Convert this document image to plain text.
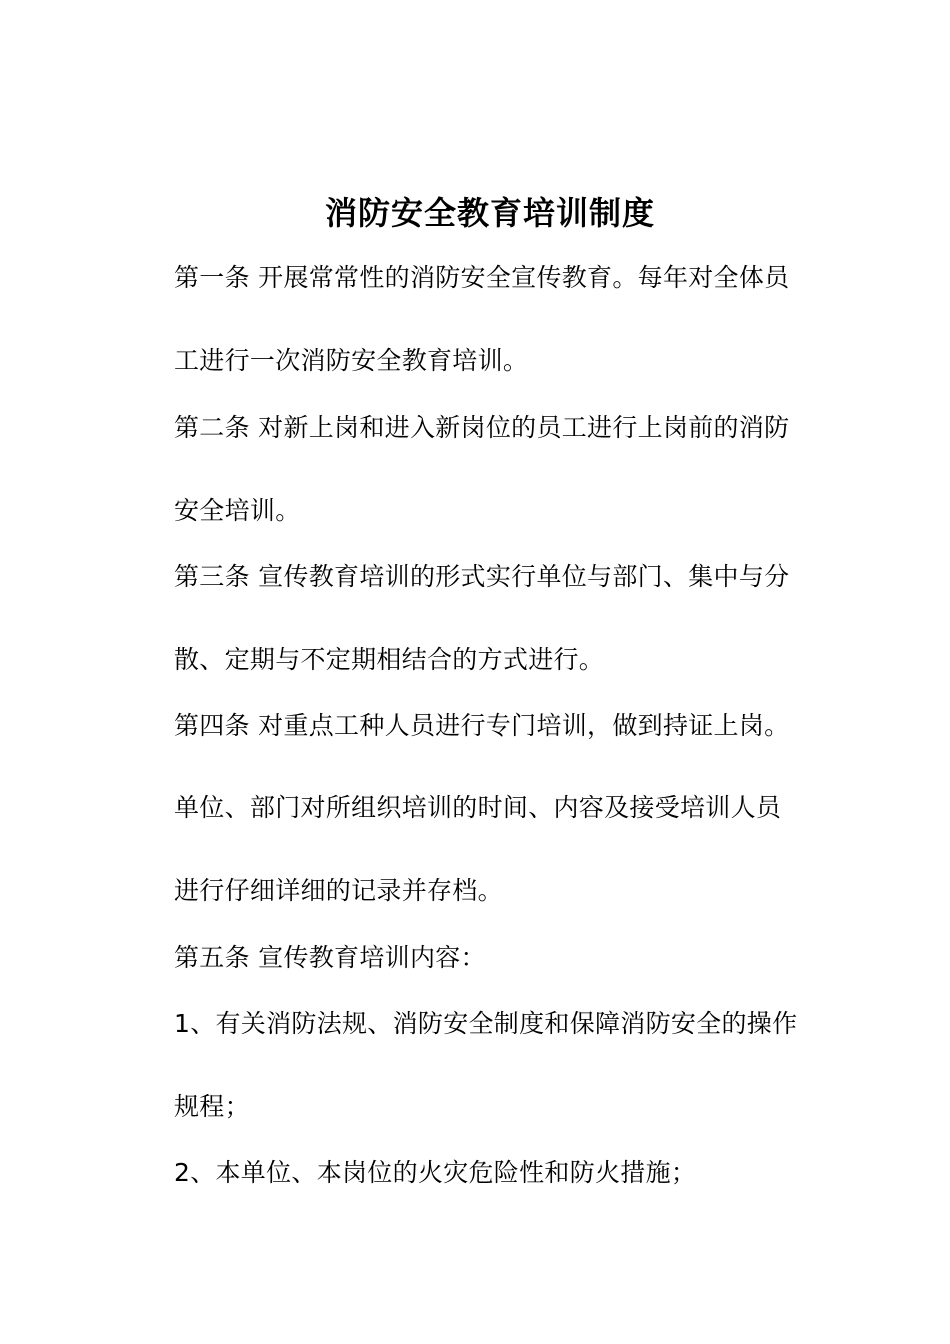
消防安全教育培训制度
第一条 开展常常性的消防安全宣传教育。每年对全体员
工进行一次消防安全教育培训。
第二条 对新上岗和进入新岗位的员工进行上岗前的消防
安全培训。
第三条 宣传教育培训的形式实行单位与部门、集中与分
散、定期与不定期相结合的方式进行。
第四条 对重点工种人员进行专门培训，做到持证上岗。
单位、部门对所组织培训的时间、内容及接受培训人员
进行仔细详细的记录并存档。
第五条 宣传教育培训内容：
1、有关消防法规、消防安全制度和保障消防安全的操作
规程；
2、本单位、本岗位的火灾危险性和防火措施；
